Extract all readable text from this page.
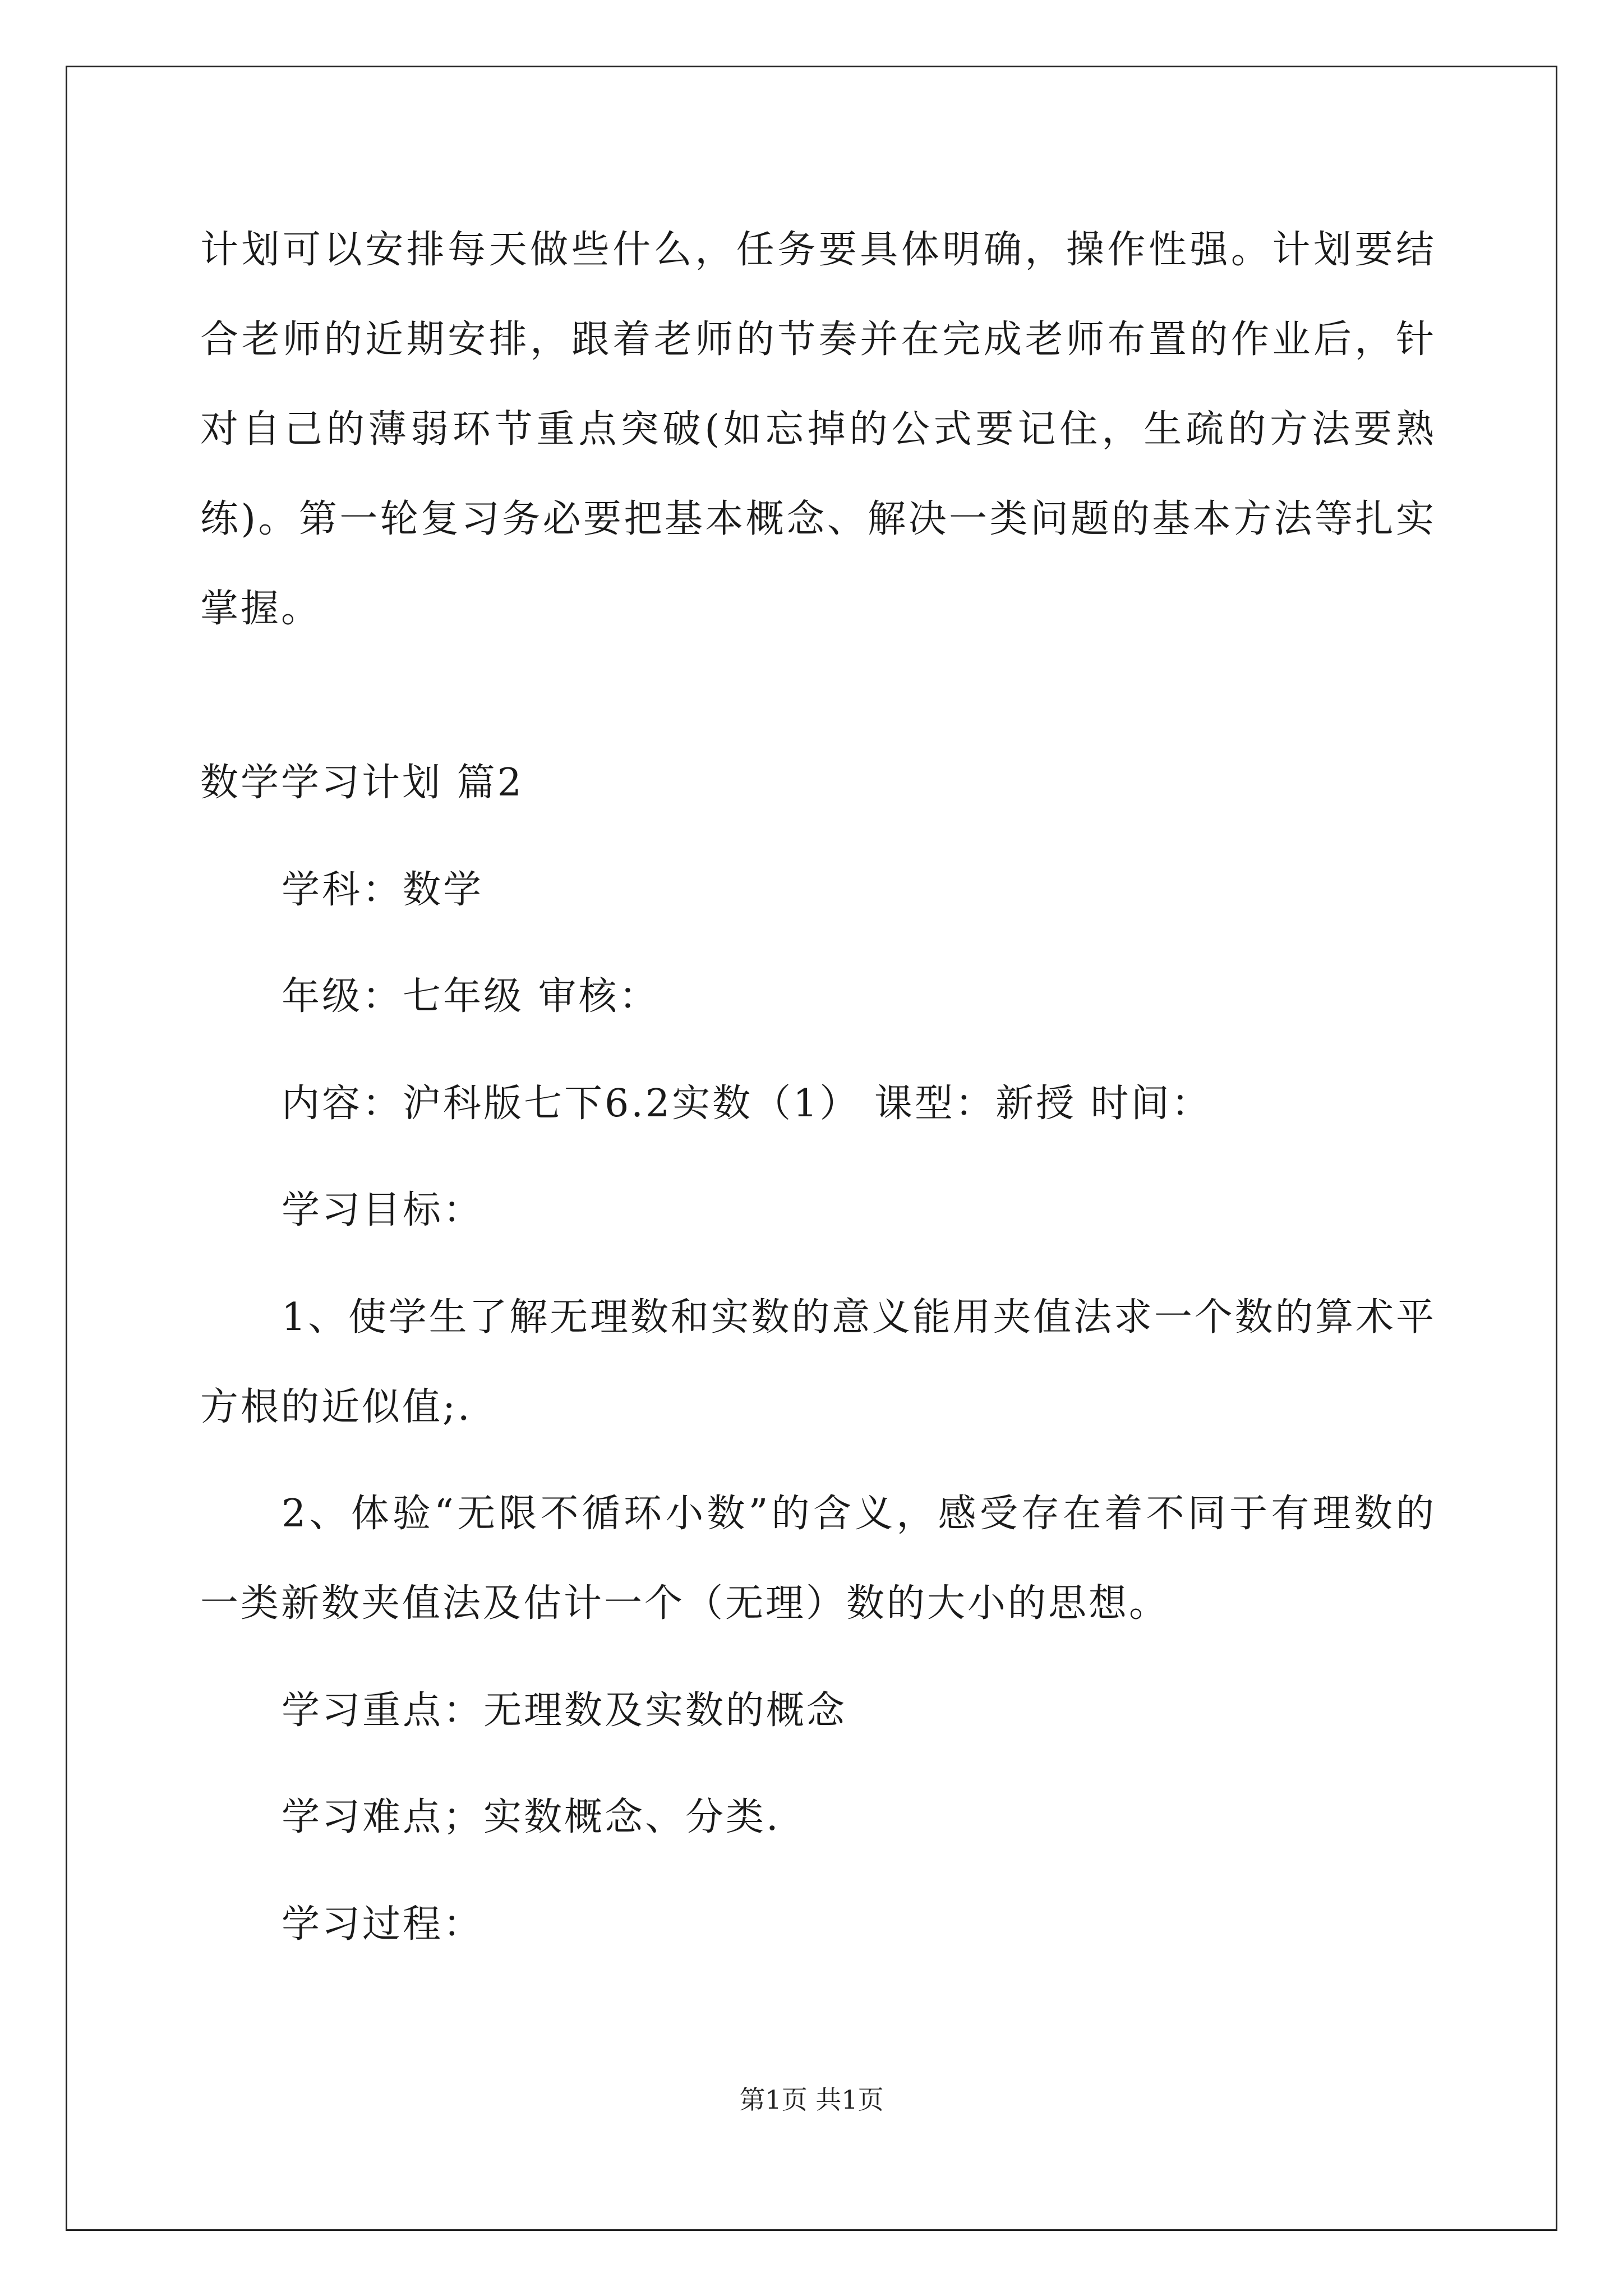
计划可以安排每天做些什么，任务要具体明确，操作性强。计划要结
合老师的近期安排，跟着老师的节奏并在完成老师布置的作业后，针
对自己的薄弱环节重点突破(如忘掉的公式要记住，生疏的方法要熟
练)。第一轮复习务必要把基本概念、解决一类问题的基本方法等扎实
掌握。
数学学习计划 篇2
学科：数学
年级：七年级 审核：
内容：沪科版七下6.2实数（1） 课型：新授 时间：
学习目标：
1、使学生了解无理数和实数的意义能用夹值法求一个数的算术平
方根的近似值;.
2、体验“无限不循环小数”的含义，感受存在着不同于有理数的
一类新数夹值法及估计一个（无理）数的大小的思想。
学习重点：无理数及实数的概念
学习难点；实数概念、分类.
学习过程：
第1页 共1页
